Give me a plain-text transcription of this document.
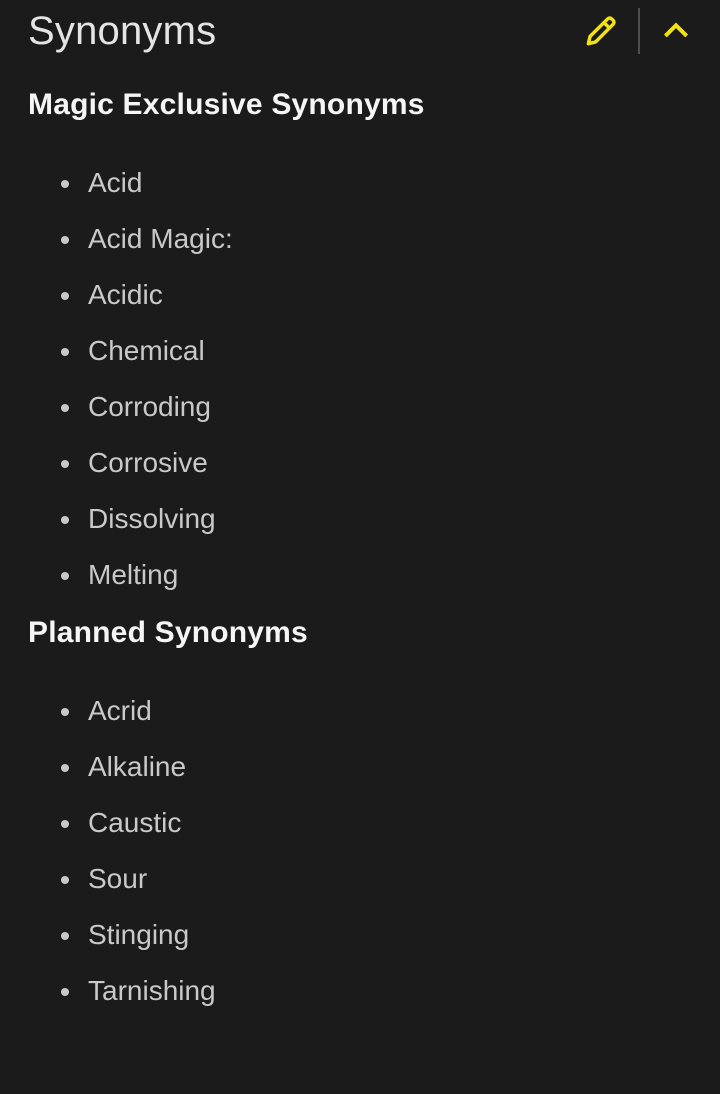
Synonyms
Magic Exclusive Synonyms
• Acid
• Acid Magic:
• Acidic
• Chemical
• Corroding
• Corrosive
• Dissolving
• Melting
Planned Synonyms
• Acrid
• Alkaline
• Caustic
• Sour
• Stinging
• Tarnishing
